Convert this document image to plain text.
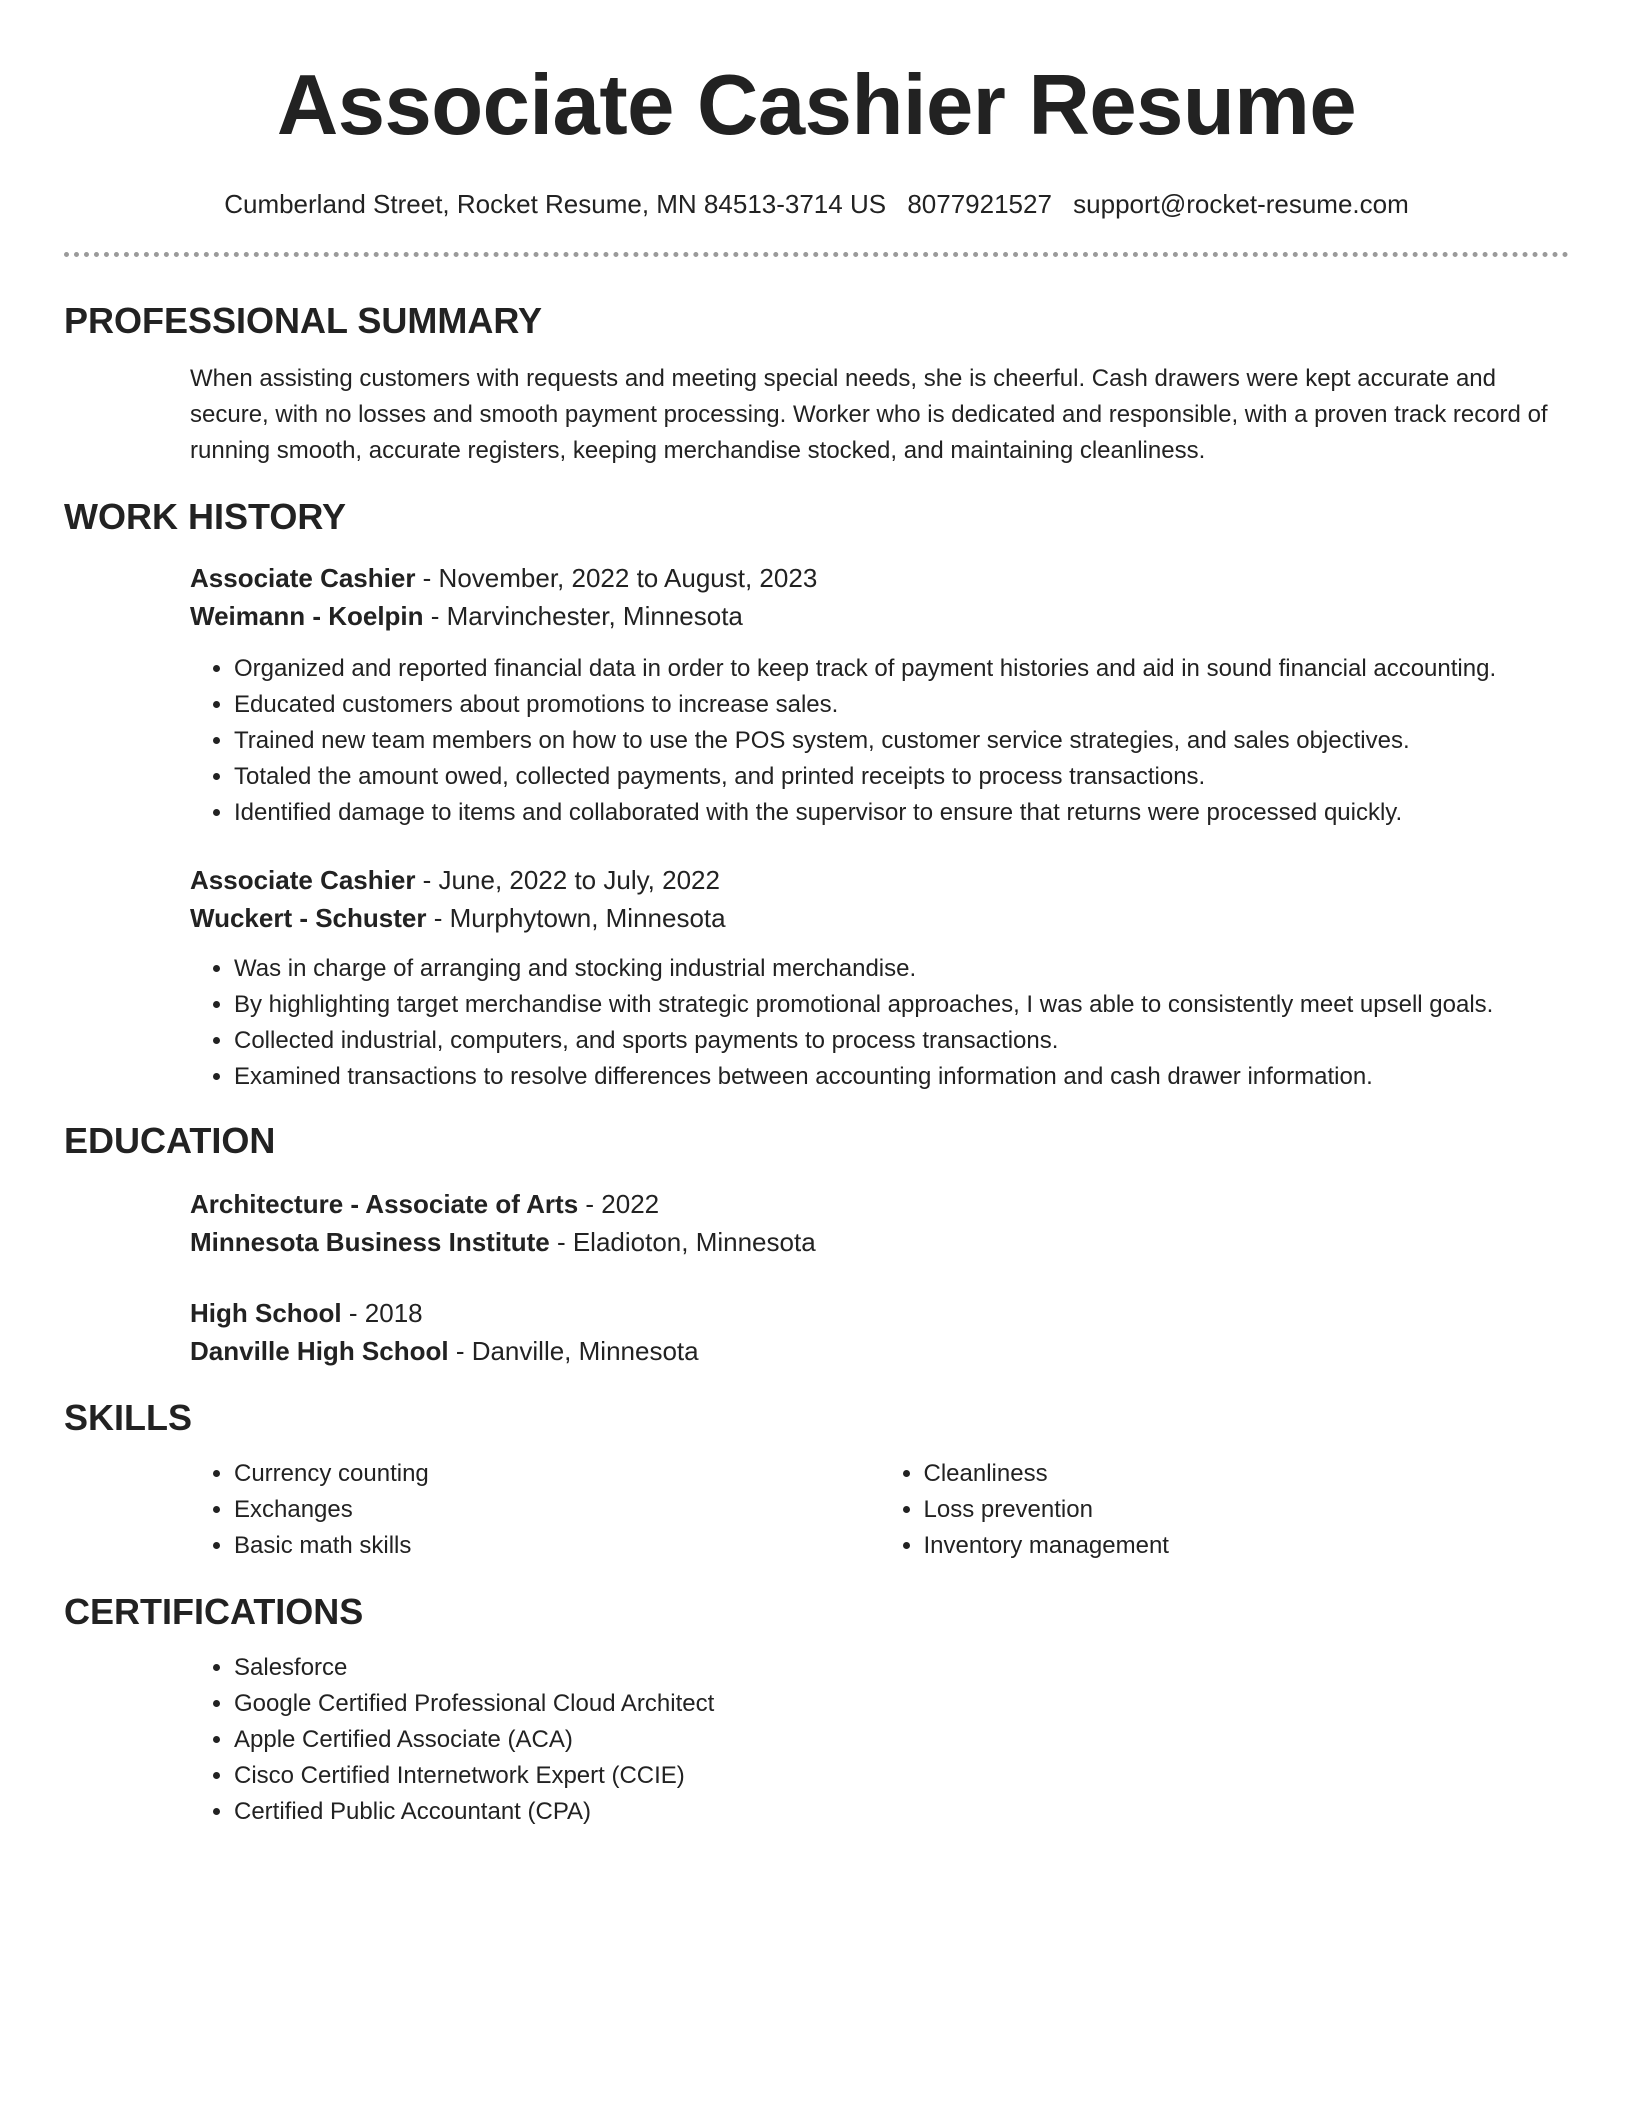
Associate Cashier Resume
Cumberland Street, Rocket Resume, MN 84513-3714 US 8077921527 support@rocket-resume.com
PROFESSIONAL SUMMARY

When assisting customers with requests and meeting special needs, she is cheerful. Cash drawers were kept accurate and secure, with no losses and smooth payment processing. Worker who is dedicated and responsible, with a proven track record of running smooth, accurate registers, keeping merchandise stocked, and maintaining cleanliness.

WORK HISTORY

Associate Cashier - November, 2022 to August, 2023

Weimann - Koelpin - Marvinchester, Minnesota

• Organized and reported financial data in order to keep track of payment histories and aid in sound financial accounting.
• Educated customers about promotions to increase sales.
• Trained new team members on how to use the POS system, customer service strategies, and sales objectives.
• Totaled the amount owed, collected payments, and printed receipts to process transactions.
• Identified damage to items and collaborated with the supervisor to ensure that returns were processed quickly.

Associate Cashier - June, 2022 to July, 2022

Wuckert - Schuster - Murphytown, Minnesota

• Was in charge of arranging and stocking industrial merchandise.
• By highlighting target merchandise with strategic promotional approaches, I was able to consistently meet upsell goals.
• Collected industrial, computers, and sports payments to process transactions.
• Examined transactions to resolve differences between accounting information and cash drawer information.
EDUCATION

Architecture - Associate of Arts - 2022

Minnesota Business Institute - Eladioton, Minnesota

High School - 2018

Danville High School - Danville, Minnesota

SKILLS
• Currency counting
• Exchanges
• Basic math skills
• Cleanliness
• Loss prevention
• Inventory management
CERTIFICATIONS
• Salesforce
• Google Certified Professional Cloud Architect
• Apple Certified Associate (ACA)
• Cisco Certified Internetwork Expert (CCIE)
• Certified Public Accountant (CPA)
